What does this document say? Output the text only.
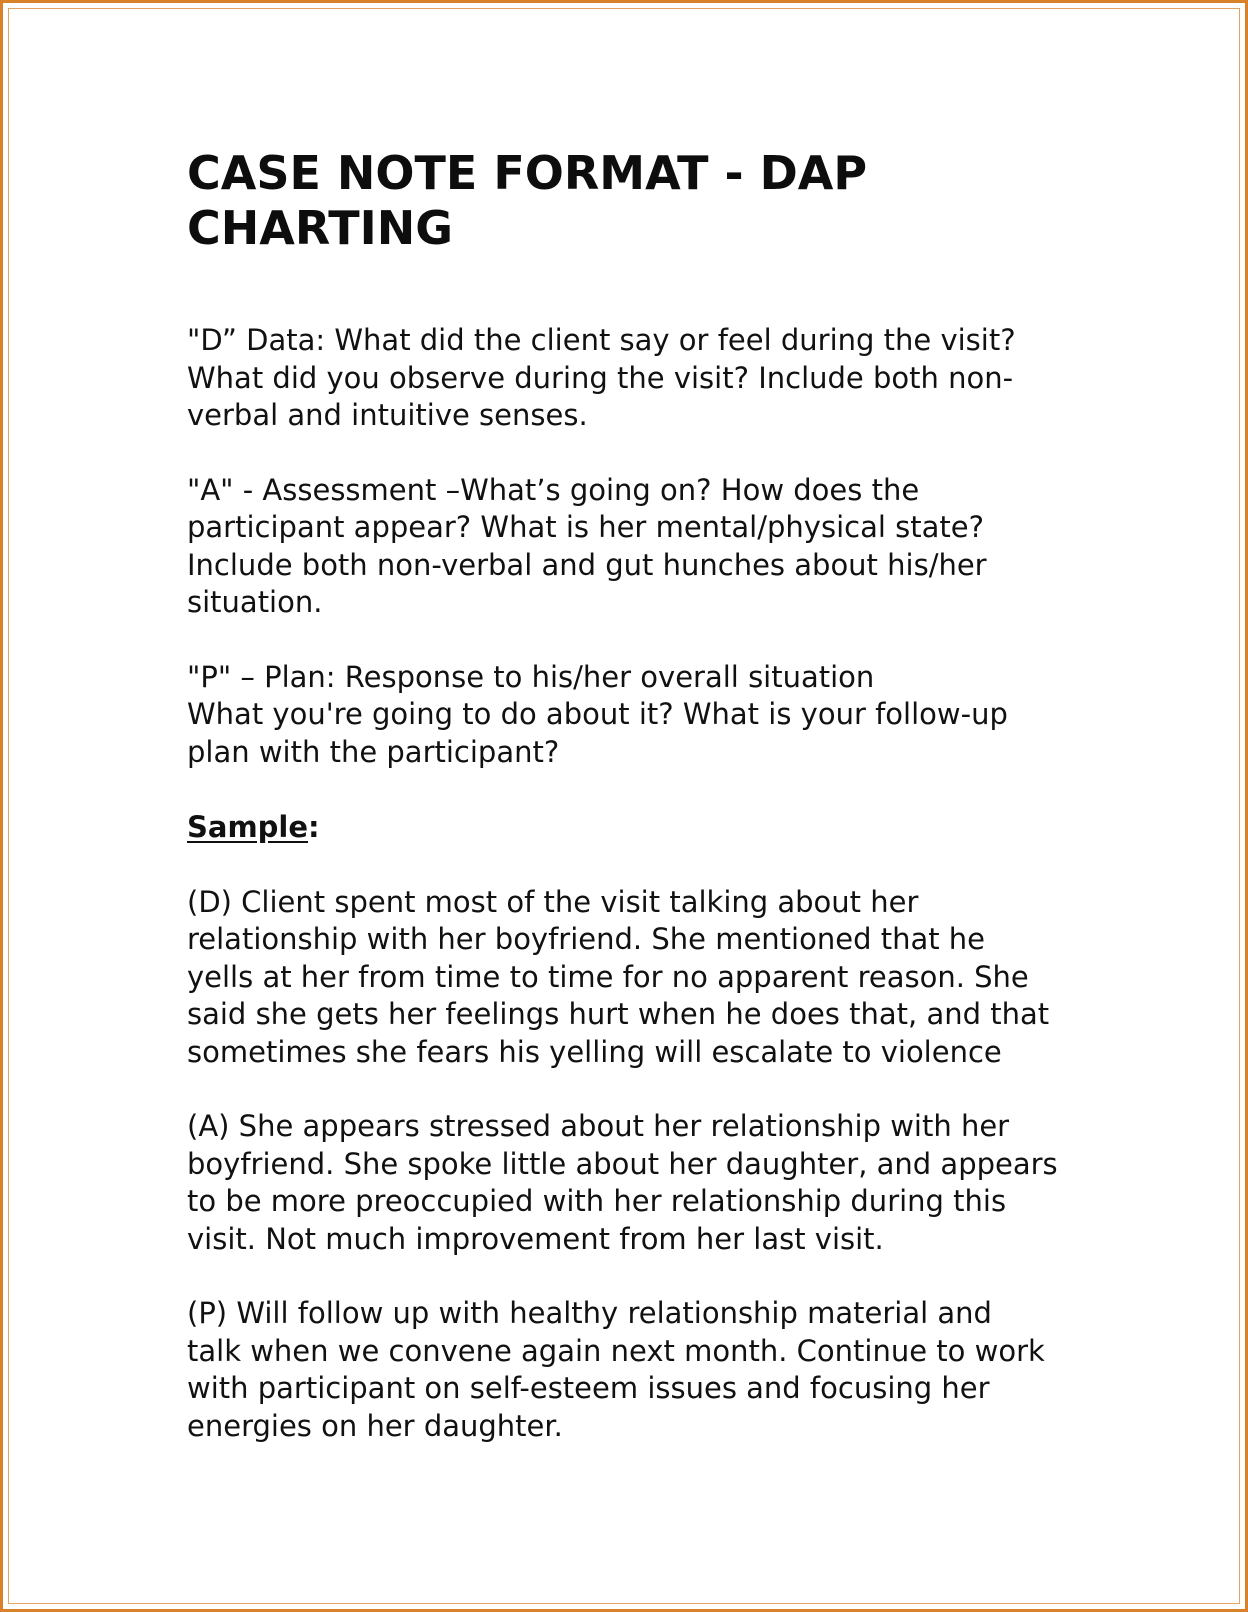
CASE NOTE FORMAT - DAP CHARTING
"D” Data: What did the client say or feel during the visit?
What did you observe during the visit? Include both non-
verbal and intuitive senses.
"A" - Assessment –What’s going on? How does the
participant appear? What is her mental/physical state?
Include both non-verbal and gut hunches about his/her
situation.
"P" – Plan: Response to his/her overall situation
What you're going to do about it? What is your follow-up
plan with the participant?
Sample:
(D) Client spent most of the visit talking about her
relationship with her boyfriend. She mentioned that he
yells at her from time to time for no apparent reason. She
said she gets her feelings hurt when he does that, and that
sometimes she fears his yelling will escalate to violence
(A) She appears stressed about her relationship with her
boyfriend. She spoke little about her daughter, and appears
to be more preoccupied with her relationship during this
visit. Not much improvement from her last visit.
(P) Will follow up with healthy relationship material and
talk when we convene again next month. Continue to work
with participant on self-esteem issues and focusing her
energies on her daughter.
